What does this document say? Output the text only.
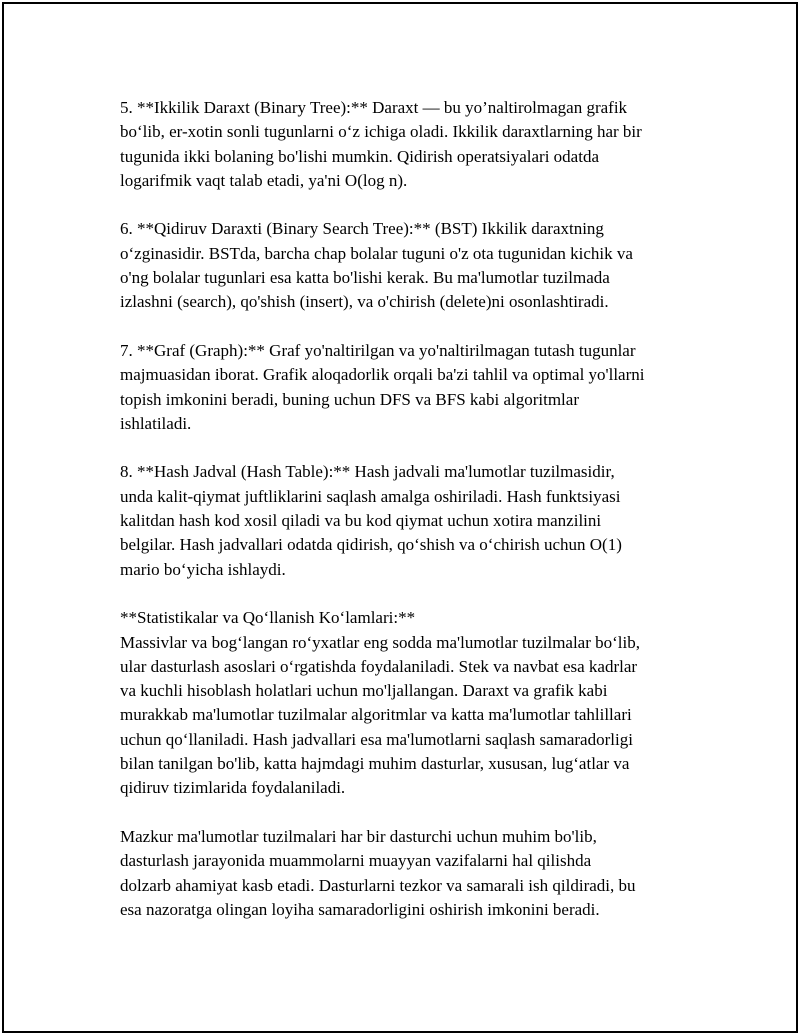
5. **Ikkilik Daraxt (Binary Tree):** Daraxt — bu yo’naltirolmagan grafik
bo‘lib, er-xotin sonli tugunlarni o‘z ichiga oladi. Ikkilik daraxtlarning har bir
tugunida ikki bolaning bo'lishi mumkin. Qidirish operatsiyalari odatda
logarifmik vaqt talab etadi, ya'ni O(log n).

6. **Qidiruv Daraxti (Binary Search Tree):** (BST) Ikkilik daraxtning
o‘zginasidir. BSTda, barcha chap bolalar tuguni o'z ota tugunidan kichik va
o'ng bolalar tugunlari esa katta bo'lishi kerak. Bu ma'lumotlar tuzilmada
izlashni (search), qo'shish (insert), va o'chirish (delete)ni osonlashtiradi.

7. **Graf (Graph):** Graf yo'naltirilgan va yo'naltirilmagan tutash tugunlar
majmuasidan iborat. Grafik aloqadorlik orqali ba'zi tahlil va optimal yo'llarni
topish imkonini beradi, buning uchun DFS va BFS kabi algoritmlar
ishlatiladi.

8. **Hash Jadval (Hash Table):** Hash jadvali ma'lumotlar tuzilmasidir,
unda kalit-qiymat juftliklarini saqlash amalga oshiriladi. Hash funktsiyasi
kalitdan hash kod xosil qiladi va bu kod qiymat uchun xotira manzilini
belgilar. Hash jadvallari odatda qidirish, qo‘shish va o‘chirish uchun O(1)
mario bo‘yicha ishlaydi.

**Statistikalar va Qo‘llanish Ko‘lamlari:**
Massivlar va bog‘langan ro‘yxatlar eng sodda ma'lumotlar tuzilmalar bo‘lib,
ular dasturlash asoslari o‘rgatishda foydalaniladi. Stek va navbat esa kadrlar
va kuchli hisoblash holatlari uchun mo'ljallangan. Daraxt va grafik kabi
murakkab ma'lumotlar tuzilmalar algoritmlar va katta ma'lumotlar tahlillari
uchun qo‘llaniladi. Hash jadvallari esa ma'lumotlarni saqlash samaradorligi
bilan tanilgan bo'lib, katta hajmdagi muhim dasturlar, xususan, lug‘atlar va
qidiruv tizimlarida foydalaniladi.

Mazkur ma'lumotlar tuzilmalari har bir dasturchi uchun muhim bo'lib,
dasturlash jarayonida muammolarni muayyan vazifalarni hal qilishda
dolzarb ahamiyat kasb etadi. Dasturlarni tezkor va samarali ish qildiradi, bu
esa nazoratga olingan loyiha samaradorligini oshirish imkonini beradi.
